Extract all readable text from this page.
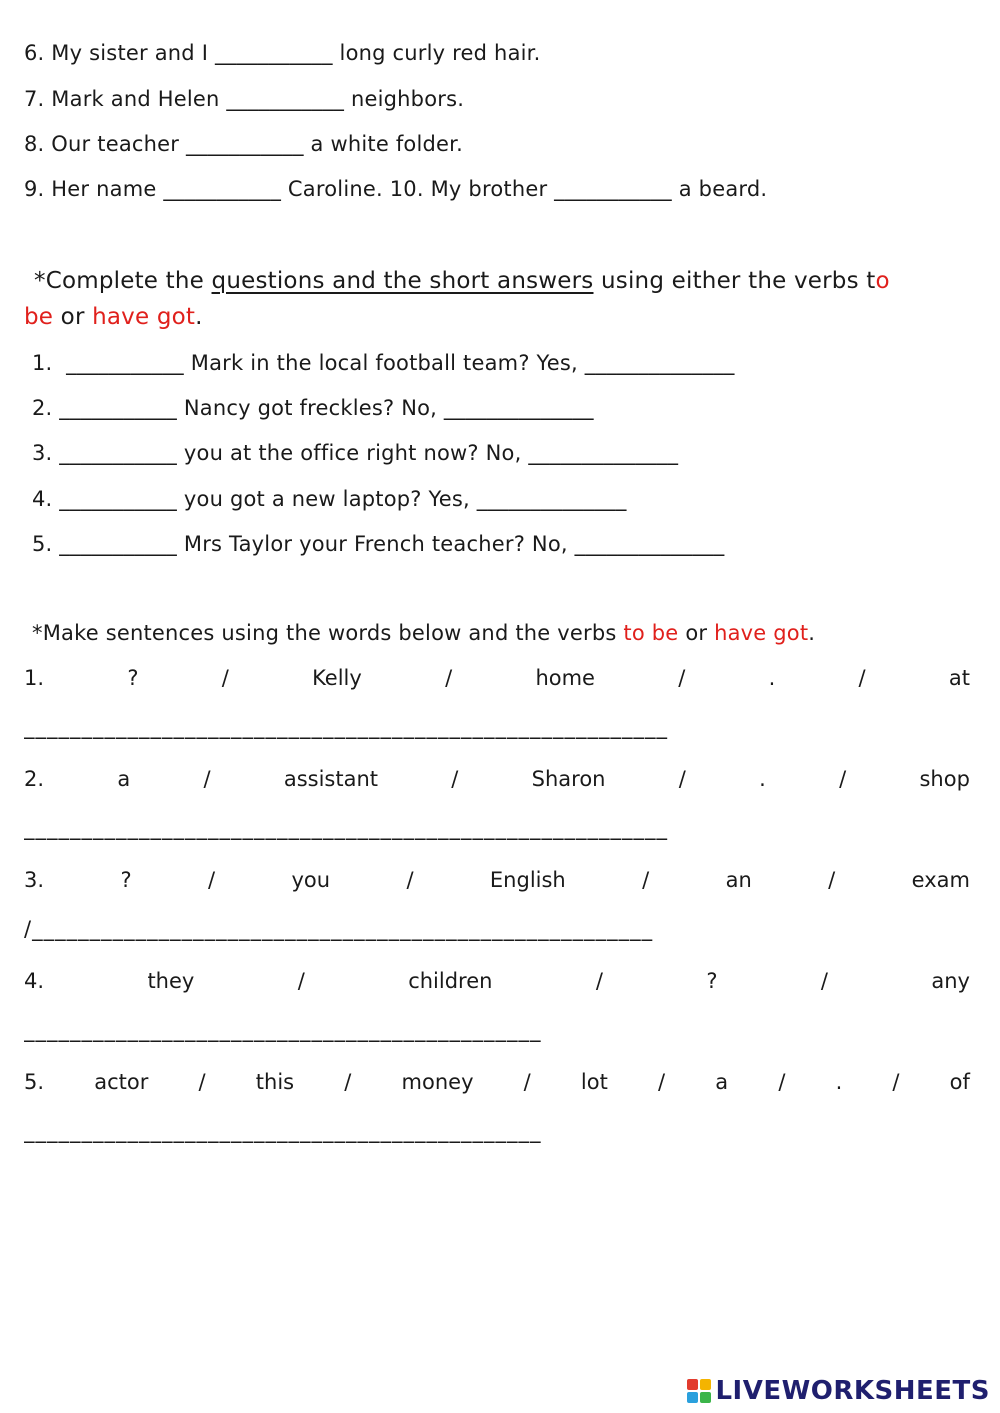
6. My sister and I ___________ long curly red hair.
7. Mark and Helen ___________ neighbors.
8. Our teacher ___________ a white folder.
9. Her name ___________ Caroline. 10. My brother ___________ a beard.
*Complete the questions and the short answers using either the verbs to
be or have got.
1.  ___________ Mark in the local football team? Yes, ______________
2. ___________ Nancy got freckles? No, ______________
3. ___________ you at the office right now? No, ______________
4. ___________ you got a new laptop? Yes, ______________
5. ___________ Mrs Taylor your French teacher? No, ______________
*Make sentences using the words below and the verbs to be or have got.
1.	?	/	Kelly	/	home	/	.	/	at
________________________________________________________
2.	a	/	assistant	/	Sharon	/	.	/	shop
________________________________________________________
3.	?	/	you	/	English	/	an	/	exam
/______________________________________________________
4.	they	/	children	/	?	/	any
_____________________________________________
5. actor / this / money / lot / a / . / of
_____________________________________________
LIVEWORKSHEETS
